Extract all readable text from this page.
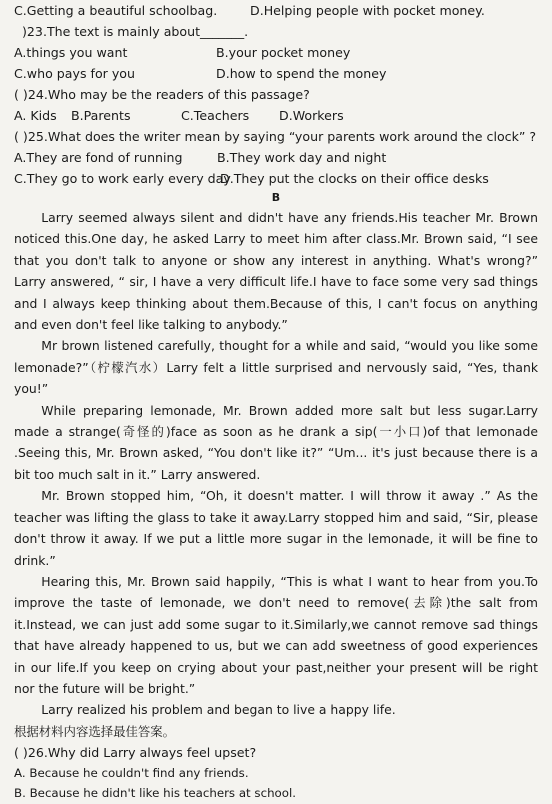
C.Getting a beautiful schoolbag.	D.Helping people with pocket money.
)23.The text is mainly about_______.
A.things you want	B.your pocket money
C.who pays for you	D.how to spend the money
( )24.Who may be the readers of this passage?
A. Kids	B.Parents	C.Teachers	D.Workers
( )25.What does the writer mean by saying “your parents work around the clock” ?
A.They are fond of running	B.They work day and night
C.They go to work early every day
D.They put the clocks on their office desks
B

Larry seemed always silent and didn't have any friends.His teacher Mr. Brown noticed this.One day, he asked Larry to meet him after class.Mr. Brown said, “I see that you don't talk to anyone or show any interest in anything. What's wrong?” Larry answered, “ sir, I have a very difficult life.I have to face some very sad things and I always keep thinking about them.Because of this, I can't focus on anything and even don't feel like talking to anybody.”

Mr brown listened carefully, thought for a while and said, “would you like some lemonade?”（柠檬汽水）Larry felt a little surprised and nervously said, “Yes, thank you!”

While preparing lemonade, Mr. Brown added more salt but less sugar.Larry made a strange(奇怪的)face as soon as he drank a sip(一小口)of that lemonade .Seeing this, Mr. Brown asked, “You don't like it?” “Um... it's just because there is a bit too much salt in it.” Larry answered.

Mr. Brown stopped him, “Oh, it doesn't matter. I will throw it away .” As the teacher was lifting the glass to take it away.Larry stopped him and said, “Sir, please don't throw it away. If we put a little more sugar in the lemonade, it will be fine to drink.”

Hearing this, Mr. Brown said happily, “This is what I want to hear from you.To improve the taste of lemonade, we don't need to remove(去除)the salt from it.Instead, we can just add some sugar to it.Similarly,we cannot remove sad things that have already happened to us, but we can add sweetness of good experiences in our life.If you keep on crying about your past,neither your present will be right nor the future will be bright.”

Larry realized his problem and began to live a happy life.

根据材料内容选择最佳答案。
( )26.Why did Larry always feel upset?
A. Because he couldn't find any friends.
B. Because he didn't like his teachers at school.
